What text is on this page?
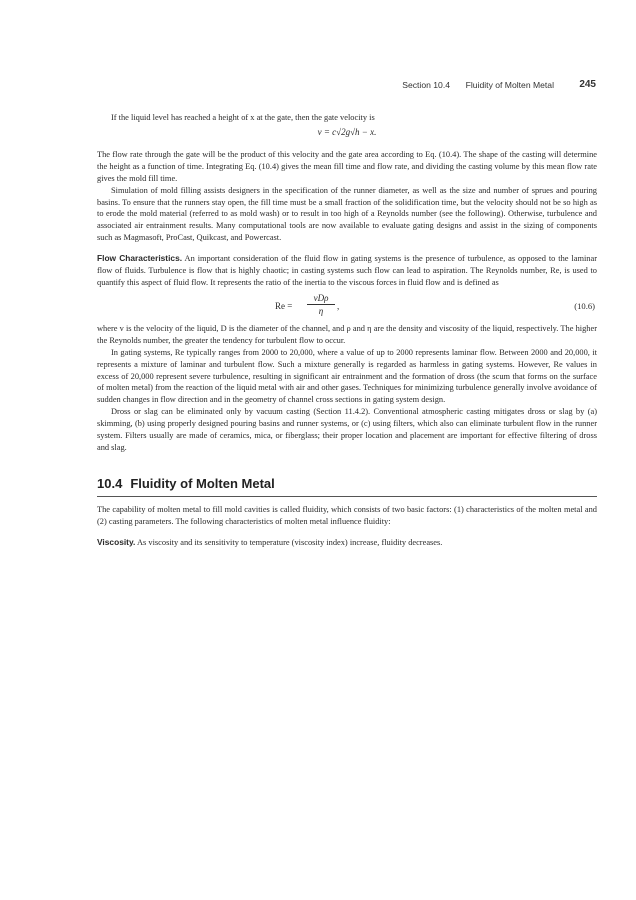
Section 10.4 Fluidity of Molten Metal	245

If the liquid level has reached a height of x at the gate, then the gate velocity is

v = c√2g√h − x.

The flow rate through the gate will be the product of this velocity and the gate area according to Eq. (10.4). The shape of the casting will determine the height as a function of time. Integrating Eq. (10.4) gives the mean fill time and flow rate, and dividing the casting volume by this mean flow rate gives the mold fill time.

Simulation of mold filling assists designers in the specification of the runner diameter, as well as the size and number of sprues and pouring basins. To ensure that the runners stay open, the fill time must be a small fraction of the solidification time, but the velocity should not be so high as to erode the mold material (referred to as mold wash) or to result in too high of a Reynolds number (see the following). Otherwise, turbulence and associated air entrainment results. Many computational tools are now available to evaluate gating designs and assist in the sizing of components such as Magmasoft, ProCast, Quikcast, and Powercast.

Flow Characteristics. An important consideration of the fluid flow in gating systems is the presence of turbulence, as opposed to the laminar flow of fluids. Turbulence is flow that is highly chaotic; in casting systems such flow can lead to aspiration. The Reynolds number, Re, is used to quantify this aspect of fluid flow. It represents the ratio of the inertia to the viscous forces in fluid flow and is defined as

Re =
vDρ
η	,	(10.6)

where v is the velocity of the liquid, D is the diameter of the channel, and ρ and η are the density and viscosity of the liquid, respectively. The higher the Reynolds number, the greater the tendency for turbulent flow to occur.

In gating systems, Re typically ranges from 2000 to 20,000, where a value of up to 2000 represents laminar flow. Between 2000 and 20,000, it represents a mixture of laminar and turbulent flow. Such a mixture generally is regarded as harmless in gating systems. However, Re values in excess of 20,000 represent severe turbulence, resulting in significant air entrainment and the formation of dross (the scum that forms on the surface of molten metal) from the reaction of the liquid metal with air and other gases. Techniques for minimizing turbulence generally involve avoidance of sudden changes in flow direction and in the geometry of channel cross sections in gating system design.

Dross or slag can be eliminated only by vacuum casting (Section 11.4.2). Conventional atmospheric casting mitigates dross or slag by (a) skimming, (b) using properly designed pouring basins and runner systems, or (c) using filters, which also can eliminate turbulent flow in the runner system. Filters usually are made of ceramics, mica, or fiberglass; their proper location and placement are important for effective filtering of dross and slag.

10.4 Fluidity of Molten Metal

The capability of molten metal to fill mold cavities is called fluidity, which consists of two basic factors: (1) characteristics of the molten metal and (2) casting parameters. The following characteristics of molten metal influence fluidity:

Viscosity. As viscosity and its sensitivity to temperature (viscosity index) increase, fluidity decreases.
